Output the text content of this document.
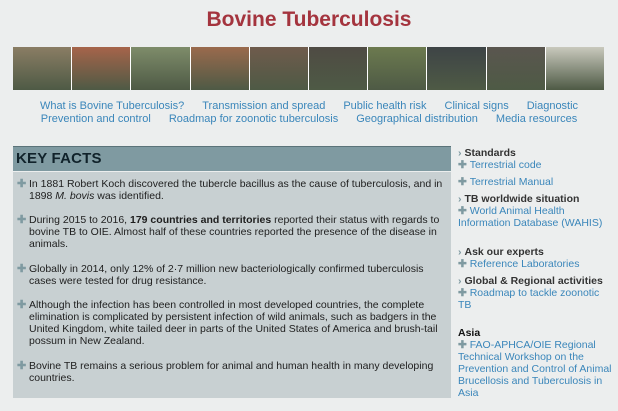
Bovine Tuberculosis
What is Bovine Tuberculosis? Transmission and spread Public health risk Clinical signs Diagnostic
Prevention and control Roadmap for zoonotic tuberculosis Geographical distribution Media resources
KEY FACTS
✚ In 1881 Robert Koch discovered the tubercle bacillus as the cause of tuberculosis, and in 1898 M. bovis was identified.
✚ During 2015 to 2016, 179 countries and territories reported their status with regards to bovine TB to OIE. Almost half of these countries reported the presence of the disease in animals.
✚ Globally in 2014, only 12% of 2·7 million new bacteriologically confirmed tuberculosis cases were tested for drug resistance.
✚ Although the infection has been controlled in most developed countries, the complete elimination is complicated by persistent infection of wild animals, such as badgers in the United Kingdom, white tailed deer in parts of the United States of America and brush-tail possum in New Zealand.
✚ Bovine TB remains a serious problem for animal and human health in many developing countries.
› Standards
✚ Terrestrial code
✚ Terrestrial Manual
› TB worldwide situation
✚ World Animal Health Information Database (WAHIS)
› Ask our experts
✚ Reference Laboratories
› Global & Regional activities
✚ Roadmap to tackle zoonotic TB
Asia
✚ FAO-APHCA/OIE Regional Technical Workshop on the Prevention and Control of Animal Brucellosis and Tuberculosis in Asia
